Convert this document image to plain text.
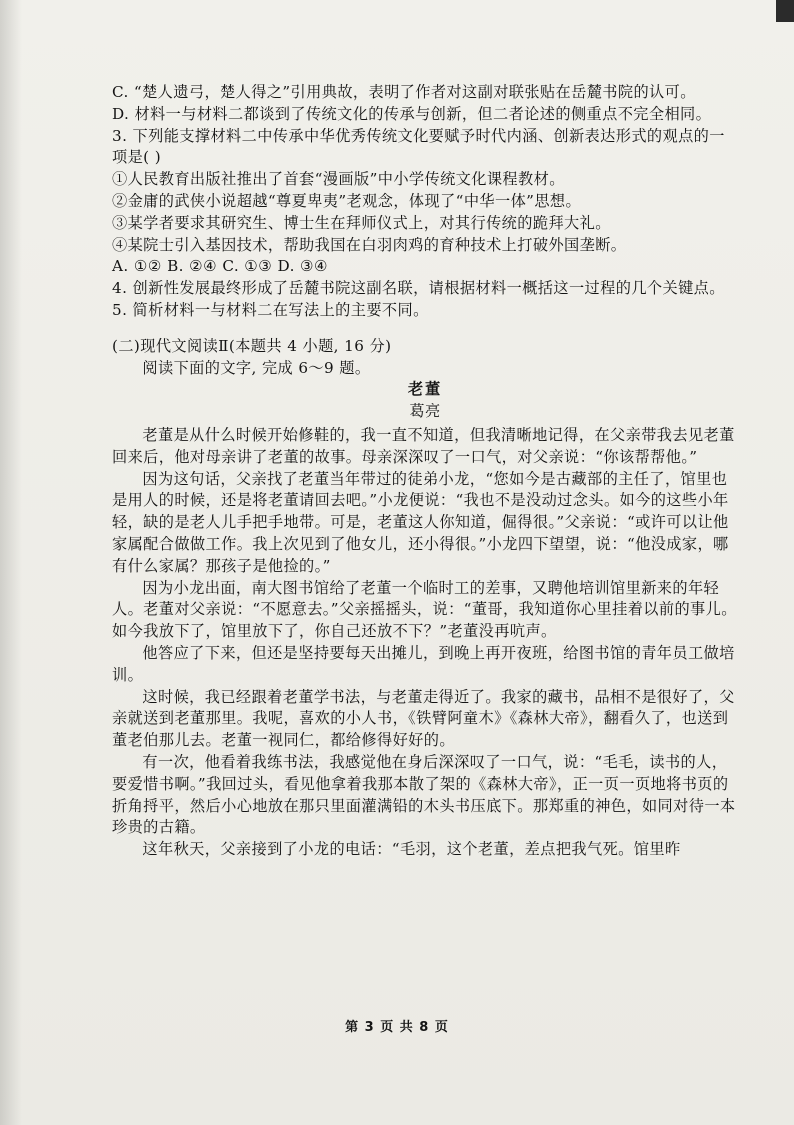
C. “楚人遗弓，楚人得之”引用典故，表明了作者对这副对联张贴在岳麓书院的认可。

D. 材料一与材料二都谈到了传统文化的传承与创新，但二者论述的侧重点不完全相同。

3. 下列能支撑材料二中传承中华优秀传统文化要赋予时代内涵、创新表达形式的观点的一项是( )

①人民教育出版社推出了首套“漫画版”中小学传统文化课程教材。

②金庸的武侠小说超越“尊夏卑夷”老观念，体现了“中华一体”思想。

③某学者要求其研究生、博士生在拜师仪式上，对其行传统的跪拜大礼。

④某院士引入基因技术，帮助我国在白羽肉鸡的育种技术上打破外国垄断。

A. ①② B. ②④ C. ①③ D. ③④

4. 创新性发展最终形成了岳麓书院这副名联，请根据材料一概括这一过程的几个关键点。

5. 简析材料一与材料二在写法上的主要不同。

(二)现代文阅读Ⅱ(本题共 4 小题, 16 分)

阅读下面的文字, 完成 6～9 题。

老董

葛亮

老董是从什么时候开始修鞋的，我一直不知道，但我清晰地记得，在父亲带我去见老董回来后，他对母亲讲了老董的故事。母亲深深叹了一口气，对父亲说：“你该帮帮他。”

因为这句话，父亲找了老董当年带过的徒弟小龙，“您如今是古藏部的主任了，馆里也是用人的时候，还是将老董请回去吧。”小龙便说：“我也不是没动过念头。如今的这些小年轻，缺的是老人儿手把手地带。可是，老董这人你知道，倔得很。”父亲说：“或许可以让他家属配合做做工作。我上次见到了他女儿，还小得很。”小龙四下望望，说：“他没成家，哪有什么家属？那孩子是他捡的。”

因为小龙出面，南大图书馆给了老董一个临时工的差事，又聘他培训馆里新来的年轻人。老董对父亲说：“不愿意去。”父亲摇摇头，说：“董哥，我知道你心里挂着以前的事儿。如今我放下了，馆里放下了，你自己还放不下？”老董没再吭声。

他答应了下来，但还是坚持要每天出摊儿，到晚上再开夜班，给图书馆的青年员工做培训。

这时候，我已经跟着老董学书法，与老董走得近了。我家的藏书，品相不是很好了，父亲就送到老董那里。我呢，喜欢的小人书，《铁臂阿童木》《森林大帝》，翻看久了，也送到董老伯那儿去。老董一视同仁，都给修得好好的。

有一次，他看着我练书法，我感觉他在身后深深叹了一口气，说：“毛毛，读书的人，要爱惜书啊。”我回过头，看见他拿着我那本散了架的《森林大帝》，正一页一页地将书页的折角捋平，然后小心地放在那只里面灌满铅的木头书压底下。那郑重的神色，如同对待一本珍贵的古籍。

这年秋天，父亲接到了小龙的电话：“毛羽，这个老董，差点把我气死。馆里昨

第 3 页 共 8 页
